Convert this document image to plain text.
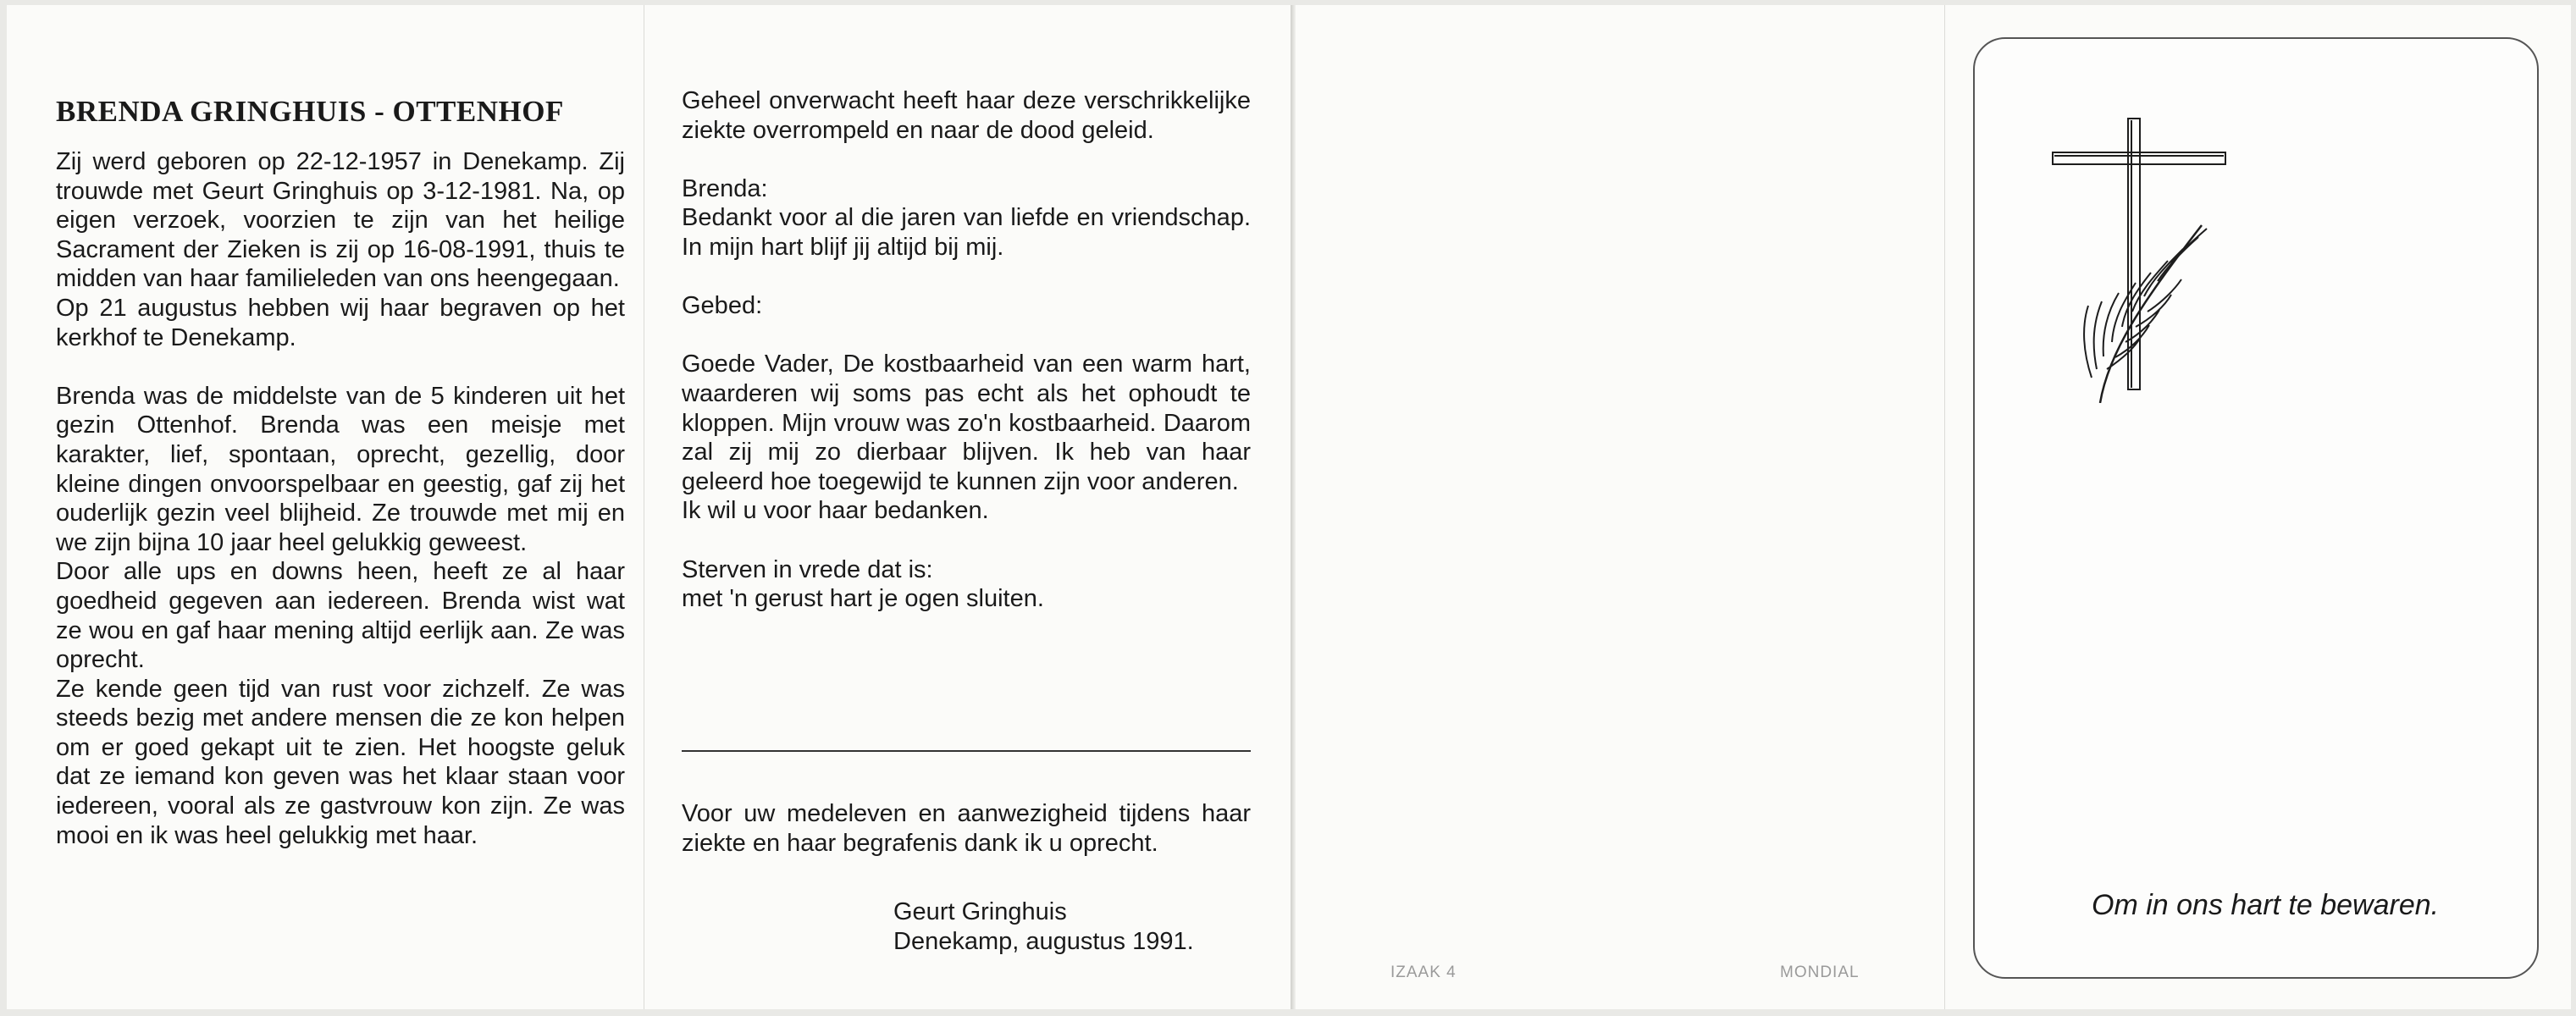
BRENDA GRINGHUIS - OTTENHOF

Zij werd geboren op 22-12-1957 in Denekamp. Zij trouwde met Geurt Gringhuis op 3-12-1981. Na, op eigen verzoek, voorzien te zijn van het heilige Sacrament der Zieken is zij op 16-08-1991, thuis te midden van haar familieleden van ons heengegaan.

Op 21 augustus hebben wij haar begraven op het kerkhof te Denekamp.

Brenda was de middelste van de 5 kinderen uit het gezin Ottenhof. Brenda was een meisje met karakter, lief, spontaan, oprecht, gezellig, door kleine dingen onvoorspelbaar en geestig, gaf zij het ouderlijk gezin veel blijheid. Ze trouwde met mij en we zijn bijna 10 jaar heel gelukkig geweest.

Door alle ups en downs heen, heeft ze al haar goedheid gegeven aan iedereen. Brenda wist wat ze wou en gaf haar mening altijd eerlijk aan. Ze was oprecht.

Ze kende geen tijd van rust voor zichzelf. Ze was steeds bezig met andere mensen die ze kon helpen om er goed gekapt uit te zien. Het hoogste geluk dat ze iemand kon geven was het klaar staan voor iedereen, vooral als ze gastvrouw kon zijn. Ze was mooi en ik was heel gelukkig met haar.

Geheel onverwacht heeft haar deze verschrikkelijke ziekte overrompeld en naar de dood geleid.

Brenda:

Bedankt voor al die jaren van liefde en vriendschap. In mijn hart blijf jij altijd bij mij.

Gebed:

Goede Vader, De kostbaarheid van een warm hart, waarderen wij soms pas echt als het ophoudt te kloppen. Mijn vrouw was zo'n kostbaarheid. Daarom zal zij mij zo dierbaar blijven. Ik heb van haar geleerd hoe toegewijd te kunnen zijn voor anderen.

Ik wil u voor haar bedanken.

Sterven in vrede dat is:

met 'n gerust hart je ogen sluiten.

Voor uw medeleven en aanwezigheid tijdens haar ziekte en haar begrafenis dank ik u oprecht.
Geurt Gringhuis
Denekamp, augustus 1991.
IZAAK 4	MONDIAL
Om in ons hart te bewaren.
